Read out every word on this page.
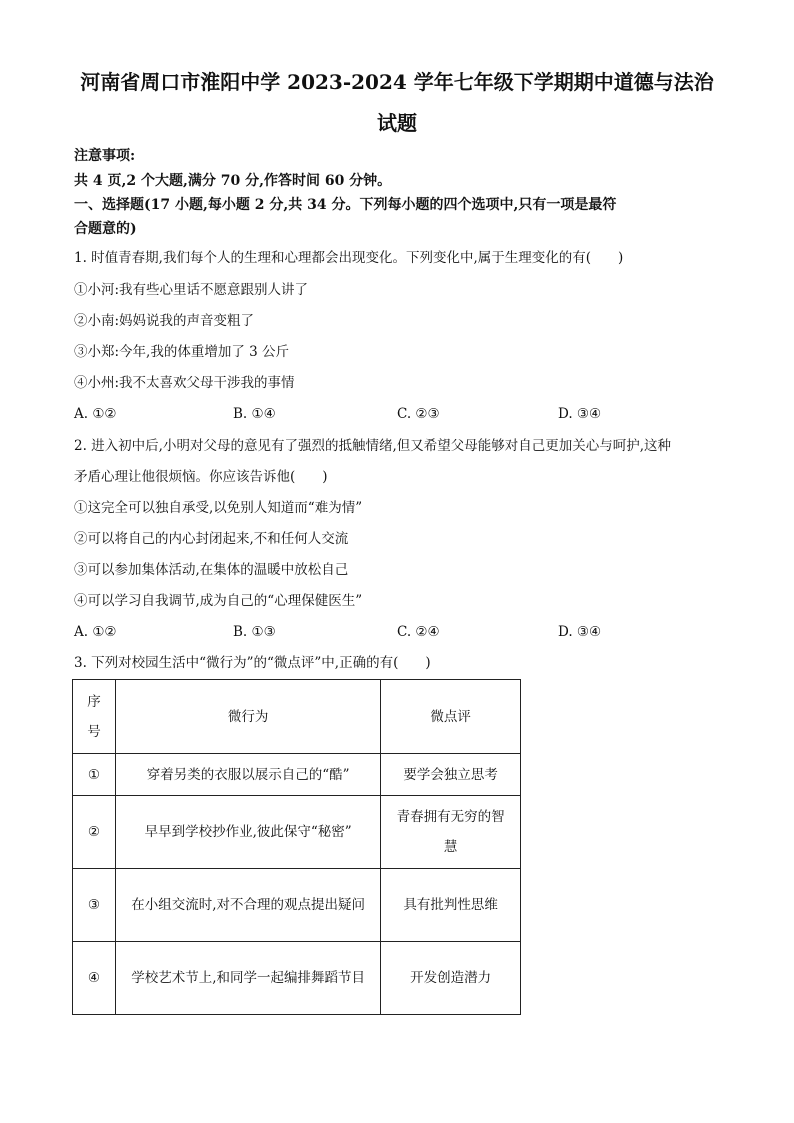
河南省周口市淮阳中学 2023-2024 学年七年级下学期期中道德与法治
试题
注意事项:
共 4 页,2 个大题,满分 70 分,作答时间 60 分钟。
一、选择题(17 小题,每小题 2 分,共 34 分。下列每小题的四个选项中,只有一项是最符
合题意的)
1. 时值青春期,我们每个人的生理和心理都会出现变化。下列变化中,属于生理变化的有(　　)
①小河:我有些心里话不愿意跟别人讲了
②小南:妈妈说我的声音变粗了
③小郑:今年,我的体重增加了 3 公斤
④小州:我不太喜欢父母干涉我的事情
A. ①②	B. ①④	C. ②③	D. ③④
2. 进入初中后,小明对父母的意见有了强烈的抵触情绪,但又希望父母能够对自己更加关心与呵护,这种
矛盾心理让他很烦恼。你应该告诉他(　　)
①这完全可以独自承受,以免别人知道而“难为情”
②可以将自己的内心封闭起来,不和任何人交流
③可以参加集体活动,在集体的温暖中放松自己
④可以学习自我调节,成为自己的“心理保健医生”
A. ①②	B. ①③	C. ②④	D. ③④
3. 下列对校园生活中“微行为”的“微点评”中,正确的有(　　)
序号	微行为	微点评
①	穿着另类的衣服以展示自己的“酷”	要学会独立思考
②	早早到学校抄作业,彼此保守“秘密”	青春拥有无穷的智慧
③	在小组交流时,对不合理的观点提出疑问	具有批判性思维
④	学校艺术节上,和同学一起编排舞蹈节目	开发创造潜力
